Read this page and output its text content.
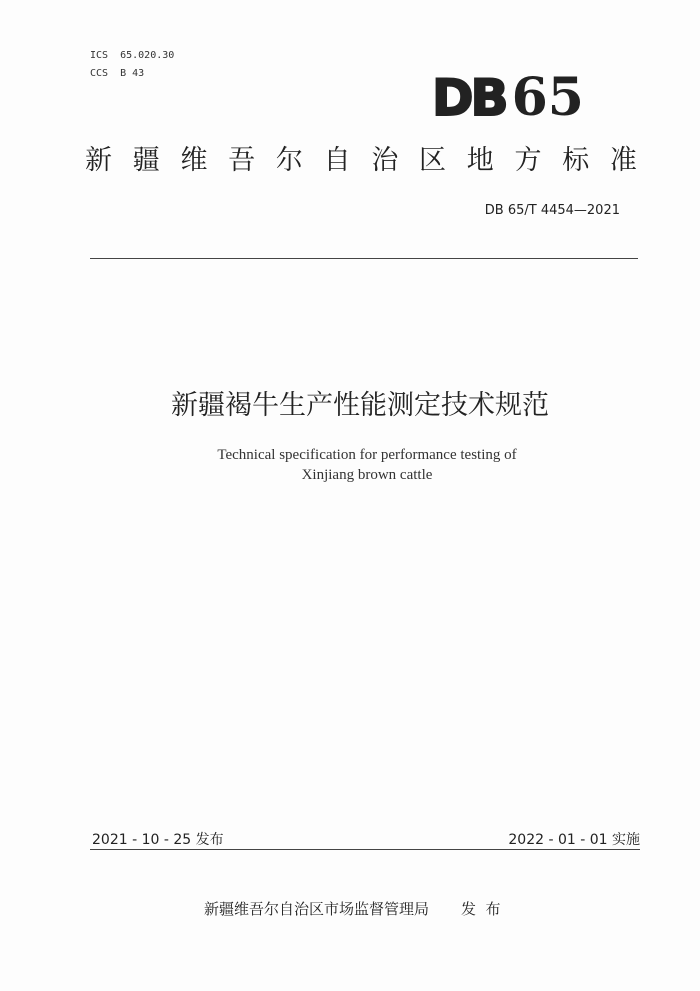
ICS  65.020.30
CCS  B 43	DB 65
新 疆 维 吾 尔 自 治 区 地 方 标 准
DB 65/T 4454—2021
新疆褐牛生产性能测定技术规范
Technical specification for performance testing of
Xinjiang brown cattle
2021 - 10 - 25 发布	2022 - 01 - 01 实施
新疆维吾尔自治区市场监督管理局 发  布
